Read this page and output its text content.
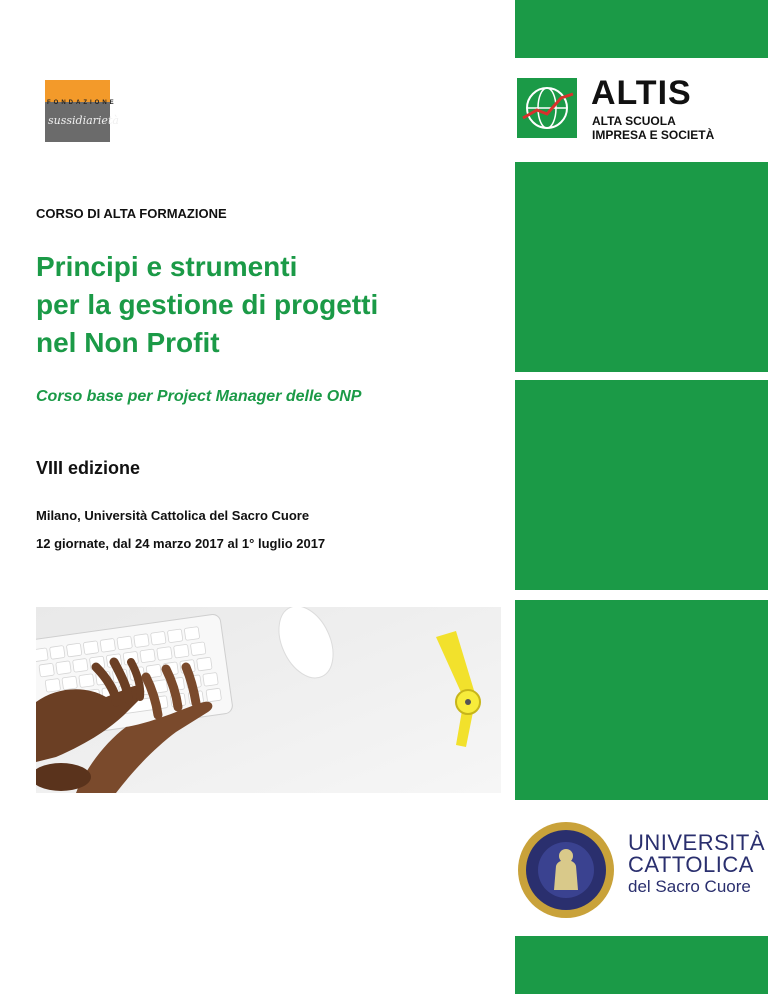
FONDAZIONE
sussidiarietà
ALTIS
ALTA SCUOLA
IMPRESA E SOCIETÀ
CORSO DI ALTA FORMAZIONE
Principi e strumenti
per la gestione di progetti
nel Non Profit
Corso base per Project Manager delle ONP
VIII edizione
Milano, Università Cattolica del Sacro Cuore
12 giornate, dal 24 marzo 2017 al 1° luglio 2017
UNIVERSITÀ
CATTOLICA
del Sacro Cuore
